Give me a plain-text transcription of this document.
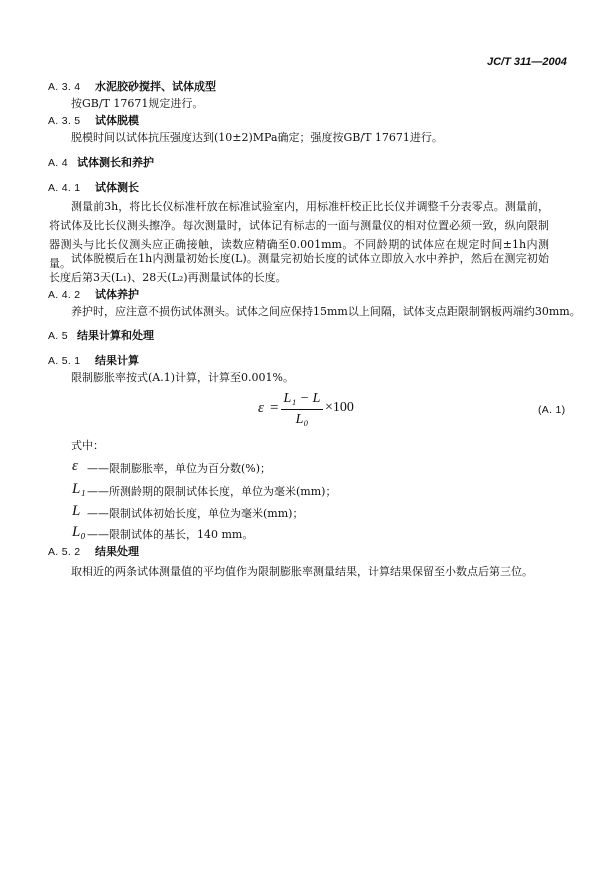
JC/T 311—2004
A. 3. 4 水泥胶砂搅拌、试体成型
按GB/T 17671规定进行。
A. 3. 5 试体脱模
脱模时间以试体抗压强度达到(10±2)MPa确定；强度按GB/T 17671进行。
A. 4 试体测长和养护
A. 4. 1 试体测长
测量前3h，将比长仪标准杆放在标准试验室内，用标准杆校正比长仪并调整千分表零点。测量前，将试体及比长仪测头擦净。每次测量时，试体记有标志的一面与测量仪的相对位置必须一致，纵向限制器测头与比长仪测头应正确接触，读数应精确至0.001mm。不同龄期的试体应在规定时间±1h内测量。 试体脱模后在1h内测量初始长度(L)。测量完初始长度的试体立即放入水中养护，然后在测完初始长度后第3天(L₁)、28天(L₂)再测量试体的长度。
A. 4. 2 试体养护
养护时，应注意不损伤试体测头。试体之间应保持15mm以上间隔，试体支点距限制钢板两端约30mm。
A. 5 结果计算和处理
A. 5. 1 结果计算
限制膨胀率按式(A.1)计算，计算至0.001%。
ε =
L₁ − L
L₀
×100	(A. 1)
式中：
ε ——限制膨胀率，单位为百分数(%)；
L₁ ——所测龄期的限制试体长度，单位为毫米(mm)；
L ——限制试体初始长度，单位为毫米(mm)；
L₀ ——限制试体的基长，140 mm。
A. 5. 2 结果处理
取相近的两条试体测量值的平均值作为限制膨胀率测量结果，计算结果保留至小数点后第三位。
